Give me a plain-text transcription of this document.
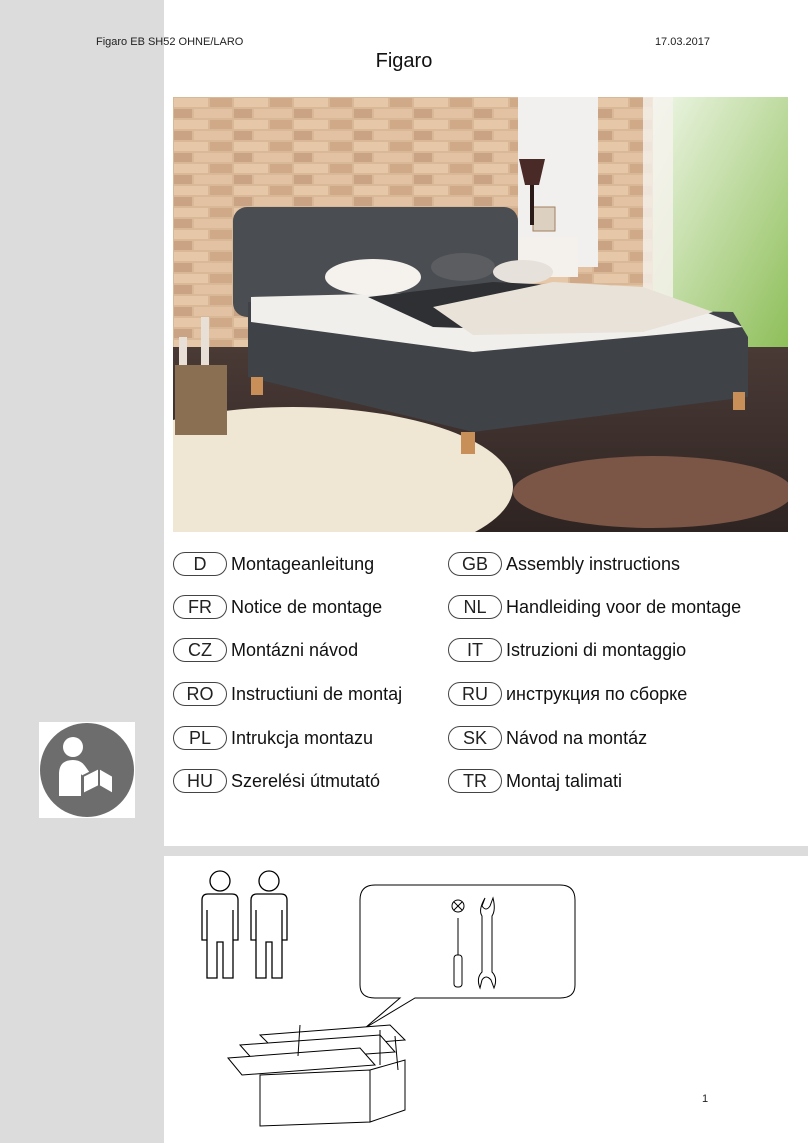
Figaro EB SH52 OHNE/LARO	17.03.2017
Figaro
D	Montageanleitung	GB	Assembly instructions
FR	Notice de montage	NL	Handleiding voor de montage
CZ	Montázni návod	IT	Istruzioni di montaggio
RO Instructiuni de montaj	RU	инструкция по сборке
PL	Intrukcja montazu	SK	Návod na montáz
HU	Szerelési útmutató	TR	Montaj talimati
1
